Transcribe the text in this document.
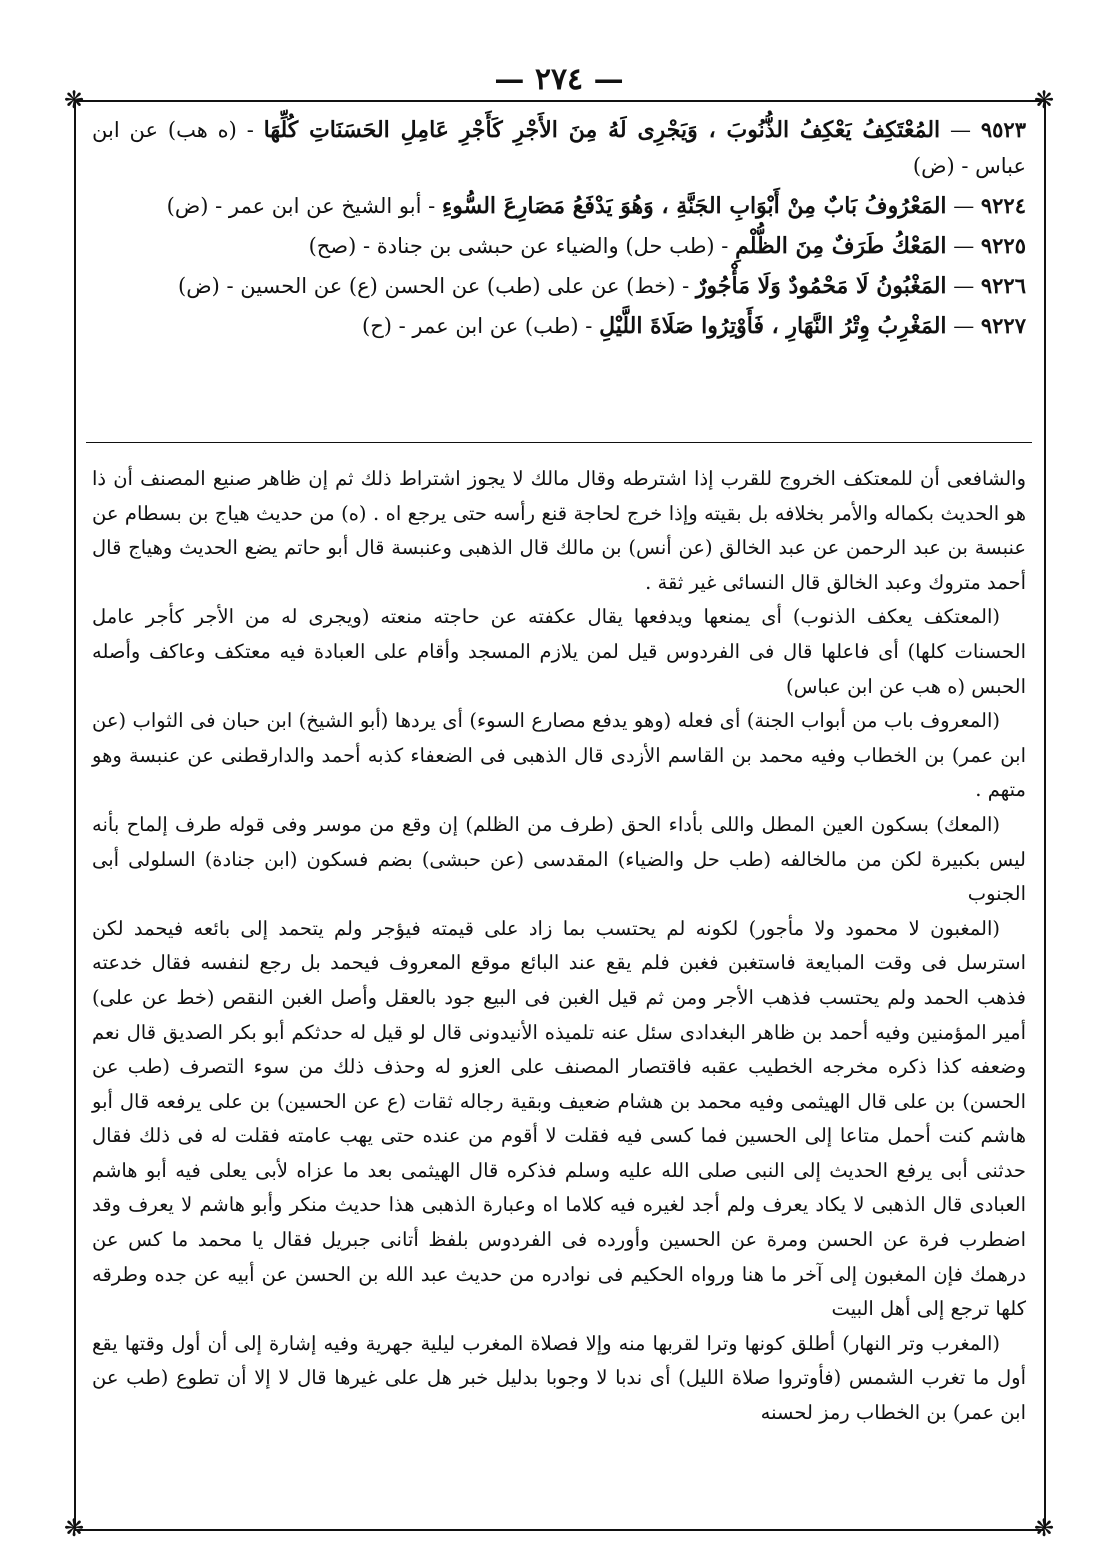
— ٢٧٤ —
❋	❋
❋	❋

٩٥٢٣ — المُعْتَكِفُ يَعْكِفُ الذُّنُوبَ ، وَيَجْرِى لَهُ مِنَ الأَجْرِ كَأَجْرِ عَامِلِ الحَسَنَاتِ كُلِّهَا - (ه هب) عن ابن عباس - (ض)

٩٢٢٤ — المَعْرُوفُ بَابٌ مِنْ أَبْوَابِ الجَنَّةِ ، وَهُوَ يَدْفَعُ مَصَارِعَ السُّوءِ - أبو الشيخ عن ابن عمر - (ض)

٩٢٢٥ — المَعْكُ طَرَفٌ مِنَ الظُّلْمِ - (طب حل) والضياء عن حبشى بن جنادة - (صح)

٩٢٢٦ — المَغْبُونُ لَا مَحْمُودٌ وَلَا مَأْجُورٌ - (خط) عن على (طب) عن الحسن (ع) عن الحسين - (ض)

٩٢٢٧ — المَغْرِبُ وِتْرُ النَّهَارِ ، فَأَوْتِرُوا صَلَاةَ اللَّيْلِ - (طب) عن ابن عمر - (ح)

والشافعى أن للمعتكف الخروج للقرب إذا اشترطه وقال مالك لا يجوز اشتراط ذلك ثم إن ظاهر صنيع المصنف أن ذا هو الحديث بكماله والأمر بخلافه بل بقيته وإذا خرج لحاجة قنع رأسه حتى يرجع اه . (ه) من حديث هياج بن بسطام عن عنبسة بن عبد الرحمن عن عبد الخالق (عن أنس) بن مالك قال الذهبى وعنبسة قال أبو حاتم يضع الحديث وهياج قال أحمد متروك وعبد الخالق قال النسائى غير ثقة .

(المعتكف يعكف الذنوب) أى يمنعها ويدفعها يقال عكفته عن حاجته منعته (ويجرى له من الأجر كأجر عامل الحسنات كلها) أى فاعلها قال فى الفردوس قيل لمن يلازم المسجد وأقام على العبادة فيه معتكف وعاكف وأصله الحبس (ه هب عن ابن عباس)

(المعروف باب من أبواب الجنة) أى فعله (وهو يدفع مصارع السوء) أى يردها (أبو الشيخ) ابن حبان فى الثواب (عن ابن عمر) بن الخطاب وفيه محمد بن القاسم الأزدى قال الذهبى فى الضعفاء كذبه أحمد والدارقطنى عن عنبسة وهو متهم .

(المعك) بسكون العين المطل واللى بأداء الحق (طرف من الظلم) إن وقع من موسر وفى قوله طرف إلماح بأنه ليس بكبيرة لكن من مالخالفه (طب حل والضياء) المقدسى (عن حبشى) بضم فسكون (ابن جنادة) السلولى أبى الجنوب

(المغبون لا محمود ولا مأجور) لكونه لم يحتسب بما زاد على قيمته فيؤجر ولم يتحمد إلى بائعه فيحمد لكن استرسل فى وقت المبايعة فاستغبن فغبن فلم يقع عند البائع موقع المعروف فيحمد بل رجع لنفسه فقال خدعته فذهب الحمد ولم يحتسب فذهب الأجر ومن ثم قيل الغبن فى البيع جود بالعقل وأصل الغبن النقص (خط عن على) أمير المؤمنين وفيه أحمد بن ظاهر البغدادى سئل عنه تلميذه الأنيدونى قال لو قيل له حدثكم أبو بكر الصديق قال نعم وضعفه كذا ذكره مخرجه الخطيب عقبه فاقتصار المصنف على العزو له وحذف ذلك من سوء التصرف (طب عن الحسن) بن على قال الهيثمى وفيه محمد بن هشام ضعيف وبقية رجاله ثقات (ع عن الحسين) بن على يرفعه قال أبو هاشم كنت أحمل متاعا إلى الحسين فما كسى فيه فقلت لا أقوم من عنده حتى يهب عامته فقلت له فى ذلك فقال حدثنى أبى يرفع الحديث إلى النبى صلى الله عليه وسلم فذكره قال الهيثمى بعد ما عزاه لأبى يعلى فيه أبو هاشم العبادى قال الذهبى لا يكاد يعرف ولم أجد لغيره فيه كلاما اه وعبارة الذهبى هذا حديث منكر وأبو هاشم لا يعرف وقد اضطرب فرة عن الحسن ومرة عن الحسين وأورده فى الفردوس بلفظ أتانى جبريل فقال يا محمد ما كس عن درهمك فإن المغبون إلى آخر ما هنا ورواه الحكيم فى نوادره من حديث عبد الله بن الحسن عن أبيه عن جده وطرقه كلها ترجع إلى أهل البيت

(المغرب وتر النهار) أطلق كونها وترا لقربها منه وإلا فصلاة المغرب ليلية جهرية وفيه إشارة إلى أن أول وقتها يقع أول ما تغرب الشمس (فأوتروا صلاة الليل) أى ندبا لا وجوبا بدليل خبر هل على غيرها قال لا إلا أن تطوع (طب عن ابن عمر) بن الخطاب رمز لحسنه
